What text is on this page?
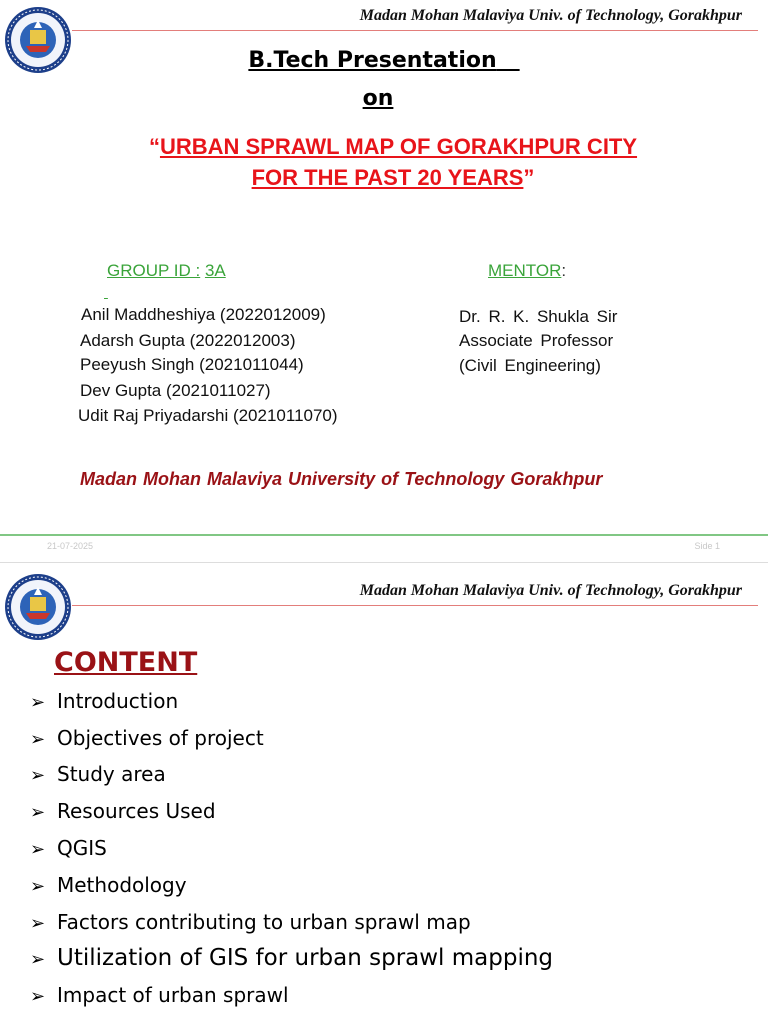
Madan Mohan Malaviya Univ. of Technology, Gorakhpur
B.Tech Presentation
on
“URBAN SPRAWL MAP OF GORAKHPUR CITY
FOR THE PAST 20 YEARS”
GROUP ID : 3A	MENTOR:

Anil Maddheshiya (2022012009)
Adarsh Gupta (2022012003)
Peeyush Singh (2021011044)
Dev Gupta (2021011027)
Udit Raj Priyadarshi (2021011070)
Dr. R. K. Shukla Sir
Associate Professor
(Civil Engineering)
Madan Mohan Malaviya University of Technology Gorakhpur
21-07-2025	Side 1
Madan Mohan Malaviya Univ. of Technology, Gorakhpur
CONTENT
➢ Introduction
➢ Objectives of project
➢ Study area
➢ Resources Used
➢ QGIS
➢ Methodology
➢ Factors contributing to urban sprawl map
➢ Utilization of GIS for urban sprawl mapping
➢ Impact of urban sprawl
